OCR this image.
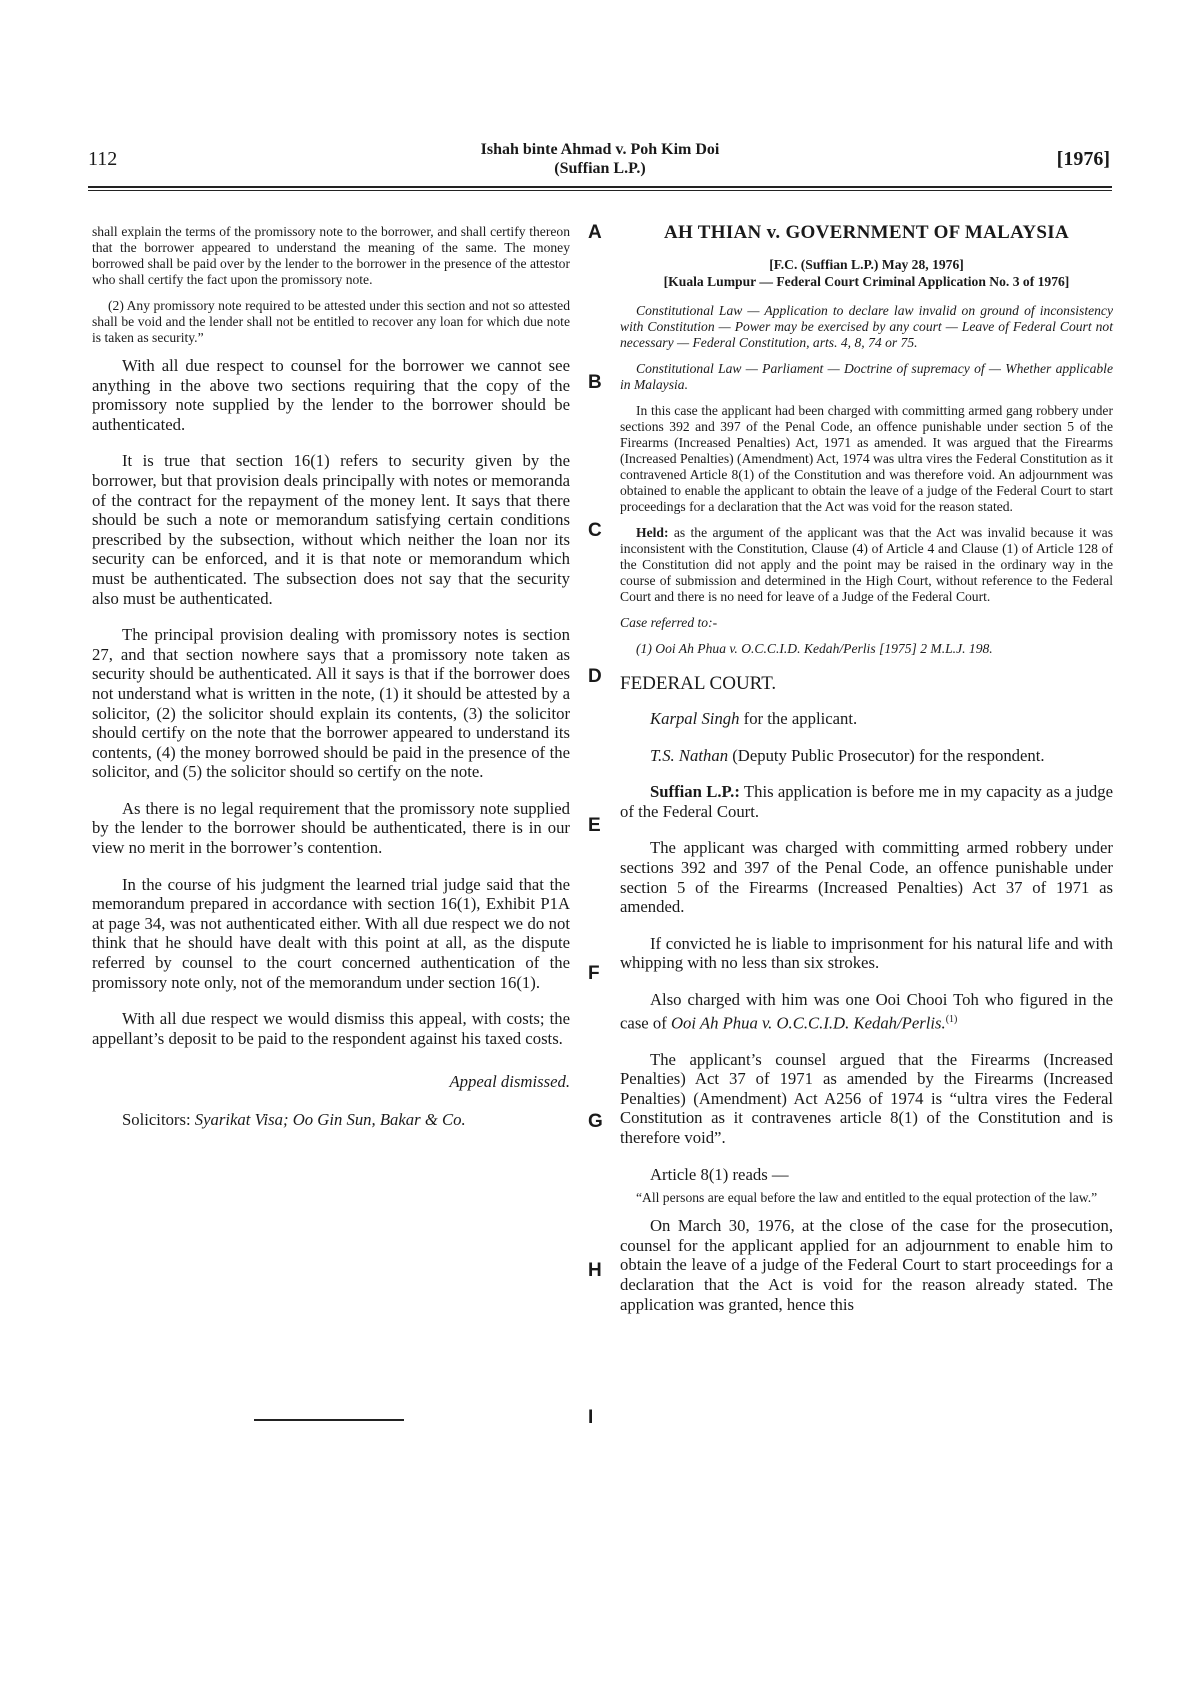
112	Ishah binte Ahmad v. Poh Kim Doi
(Suffian L.P.)	[1976]
A
B
C
D
E
F
G
H
I

shall explain the terms of the promissory note to the borrower, and shall certify thereon that the borrower appeared to understand the meaning of the same. The money borrowed shall be paid over by the lender to the borrower in the presence of the attestor who shall certify the fact upon the promissory note.

(2) Any promissory note required to be attested under this section and not so attested shall be void and the lender shall not be entitled to recover any loan for which due note is taken as security.”

With all due respect to counsel for the borrower we cannot see anything in the above two sections requiring that the copy of the promissory note supplied by the lender to the borrower should be authenticated.

It is true that section 16(1) refers to security given by the borrower, but that provision deals principally with notes or memoranda of the contract for the repayment of the money lent. It says that there should be such a note or memorandum satisfying certain conditions prescribed by the subsection, without which neither the loan nor its security can be enforced, and it is that note or memorandum which must be authenticated. The subsection does not say that the security also must be authenticated.

The principal provision dealing with promissory notes is section 27, and that section nowhere says that a promissory note taken as security should be authenticated. All it says is that if the borrower does not understand what is written in the note, (1) it should be attested by a solicitor, (2) the solicitor should explain its contents, (3) the solicitor should certify on the note that the borrower appeared to understand its contents, (4) the money borrowed should be paid in the presence of the solicitor, and (5) the solicitor should so certify on the note.

As there is no legal requirement that the promissory note supplied by the lender to the borrower should be authenticated, there is in our view no merit in the borrower’s contention.

In the course of his judgment the learned trial judge said that the memorandum prepared in accordance with section 16(1), Exhibit P1A at page 34, was not authenticated either. With all due respect we do not think that he should have dealt with this point at all, as the dispute referred by counsel to the court concerned authentication of the promissory note only, not of the memorandum under section 16(1).

With all due respect we would dismiss this appeal, with costs; the appellant’s deposit to be paid to the respondent against his taxed costs.

Appeal dismissed.

Solicitors: Syarikat Visa; Oo Gin Sun, Bakar & Co.

AH THIAN v. GOVERNMENT OF MALAYSIA
[F.C. (Suffian L.P.) May 28, 1976]
[Kuala Lumpur — Federal Court Criminal Application No. 3 of 1976]

Constitutional Law — Application to declare law invalid on ground of inconsistency with Constitution — Power may be exercised by any court — Leave of Federal Court not necessary — Federal Constitution, arts. 4, 8, 74 or 75.

Constitutional Law — Parliament — Doctrine of supremacy of — Whether applicable in Malaysia.

In this case the applicant had been charged with committing armed gang robbery under sections 392 and 397 of the Penal Code, an offence punishable under section 5 of the Firearms (Increased Penalties) Act, 1971 as amended. It was argued that the Firearms (Increased Penalties) (Amendment) Act, 1974 was ultra vires the Federal Constitution as it contravened Article 8(1) of the Constitution and was therefore void. An adjournment was obtained to enable the applicant to obtain the leave of a judge of the Federal Court to start proceedings for a declaration that the Act was void for the reason stated.

Held: as the argument of the applicant was that the Act was invalid because it was inconsistent with the Constitution, Clause (4) of Article 4 and Clause (1) of Article 128 of the Constitution did not apply and the point may be raised in the ordinary way in the course of submission and determined in the High Court, without reference to the Federal Court and there is no need for leave of a Judge of the Federal Court.

Case referred to:-

(1) Ooi Ah Phua v. O.C.C.I.D. Kedah/Perlis [1975] 2 M.L.J. 198.

FEDERAL COURT.

Karpal Singh for the applicant.

T.S. Nathan (Deputy Public Prosecutor) for the respondent.

Suffian L.P.: This application is before me in my capacity as a judge of the Federal Court.

The applicant was charged with committing armed robbery under sections 392 and 397 of the Penal Code, an offence punishable under section 5 of the Firearms (Increased Penalties) Act 37 of 1971 as amended.

If convicted he is liable to imprisonment for his natural life and with whipping with no less than six strokes.

Also charged with him was one Ooi Chooi Toh who figured in the case of Ooi Ah Phua v. O.C.C.I.D. Kedah/Perlis.$^{(1)}$

The applicant’s counsel argued that the Firearms (Increased Penalties) Act 37 of 1971 as amended by the Firearms (Increased Penalties) (Amendment) Act A256 of 1974 is “ultra vires the Federal Constitution as it contravenes article 8(1) of the Constitution and is therefore void”.

Article 8(1) reads —

“All persons are equal before the law and entitled to the equal protection of the law.”

On March 30, 1976, at the close of the case for the prosecution, counsel for the applicant applied for an adjournment to enable him to obtain the leave of a judge of the Federal Court to start proceedings for a declaration that the Act is void for the reason already stated. The application was granted, hence this
